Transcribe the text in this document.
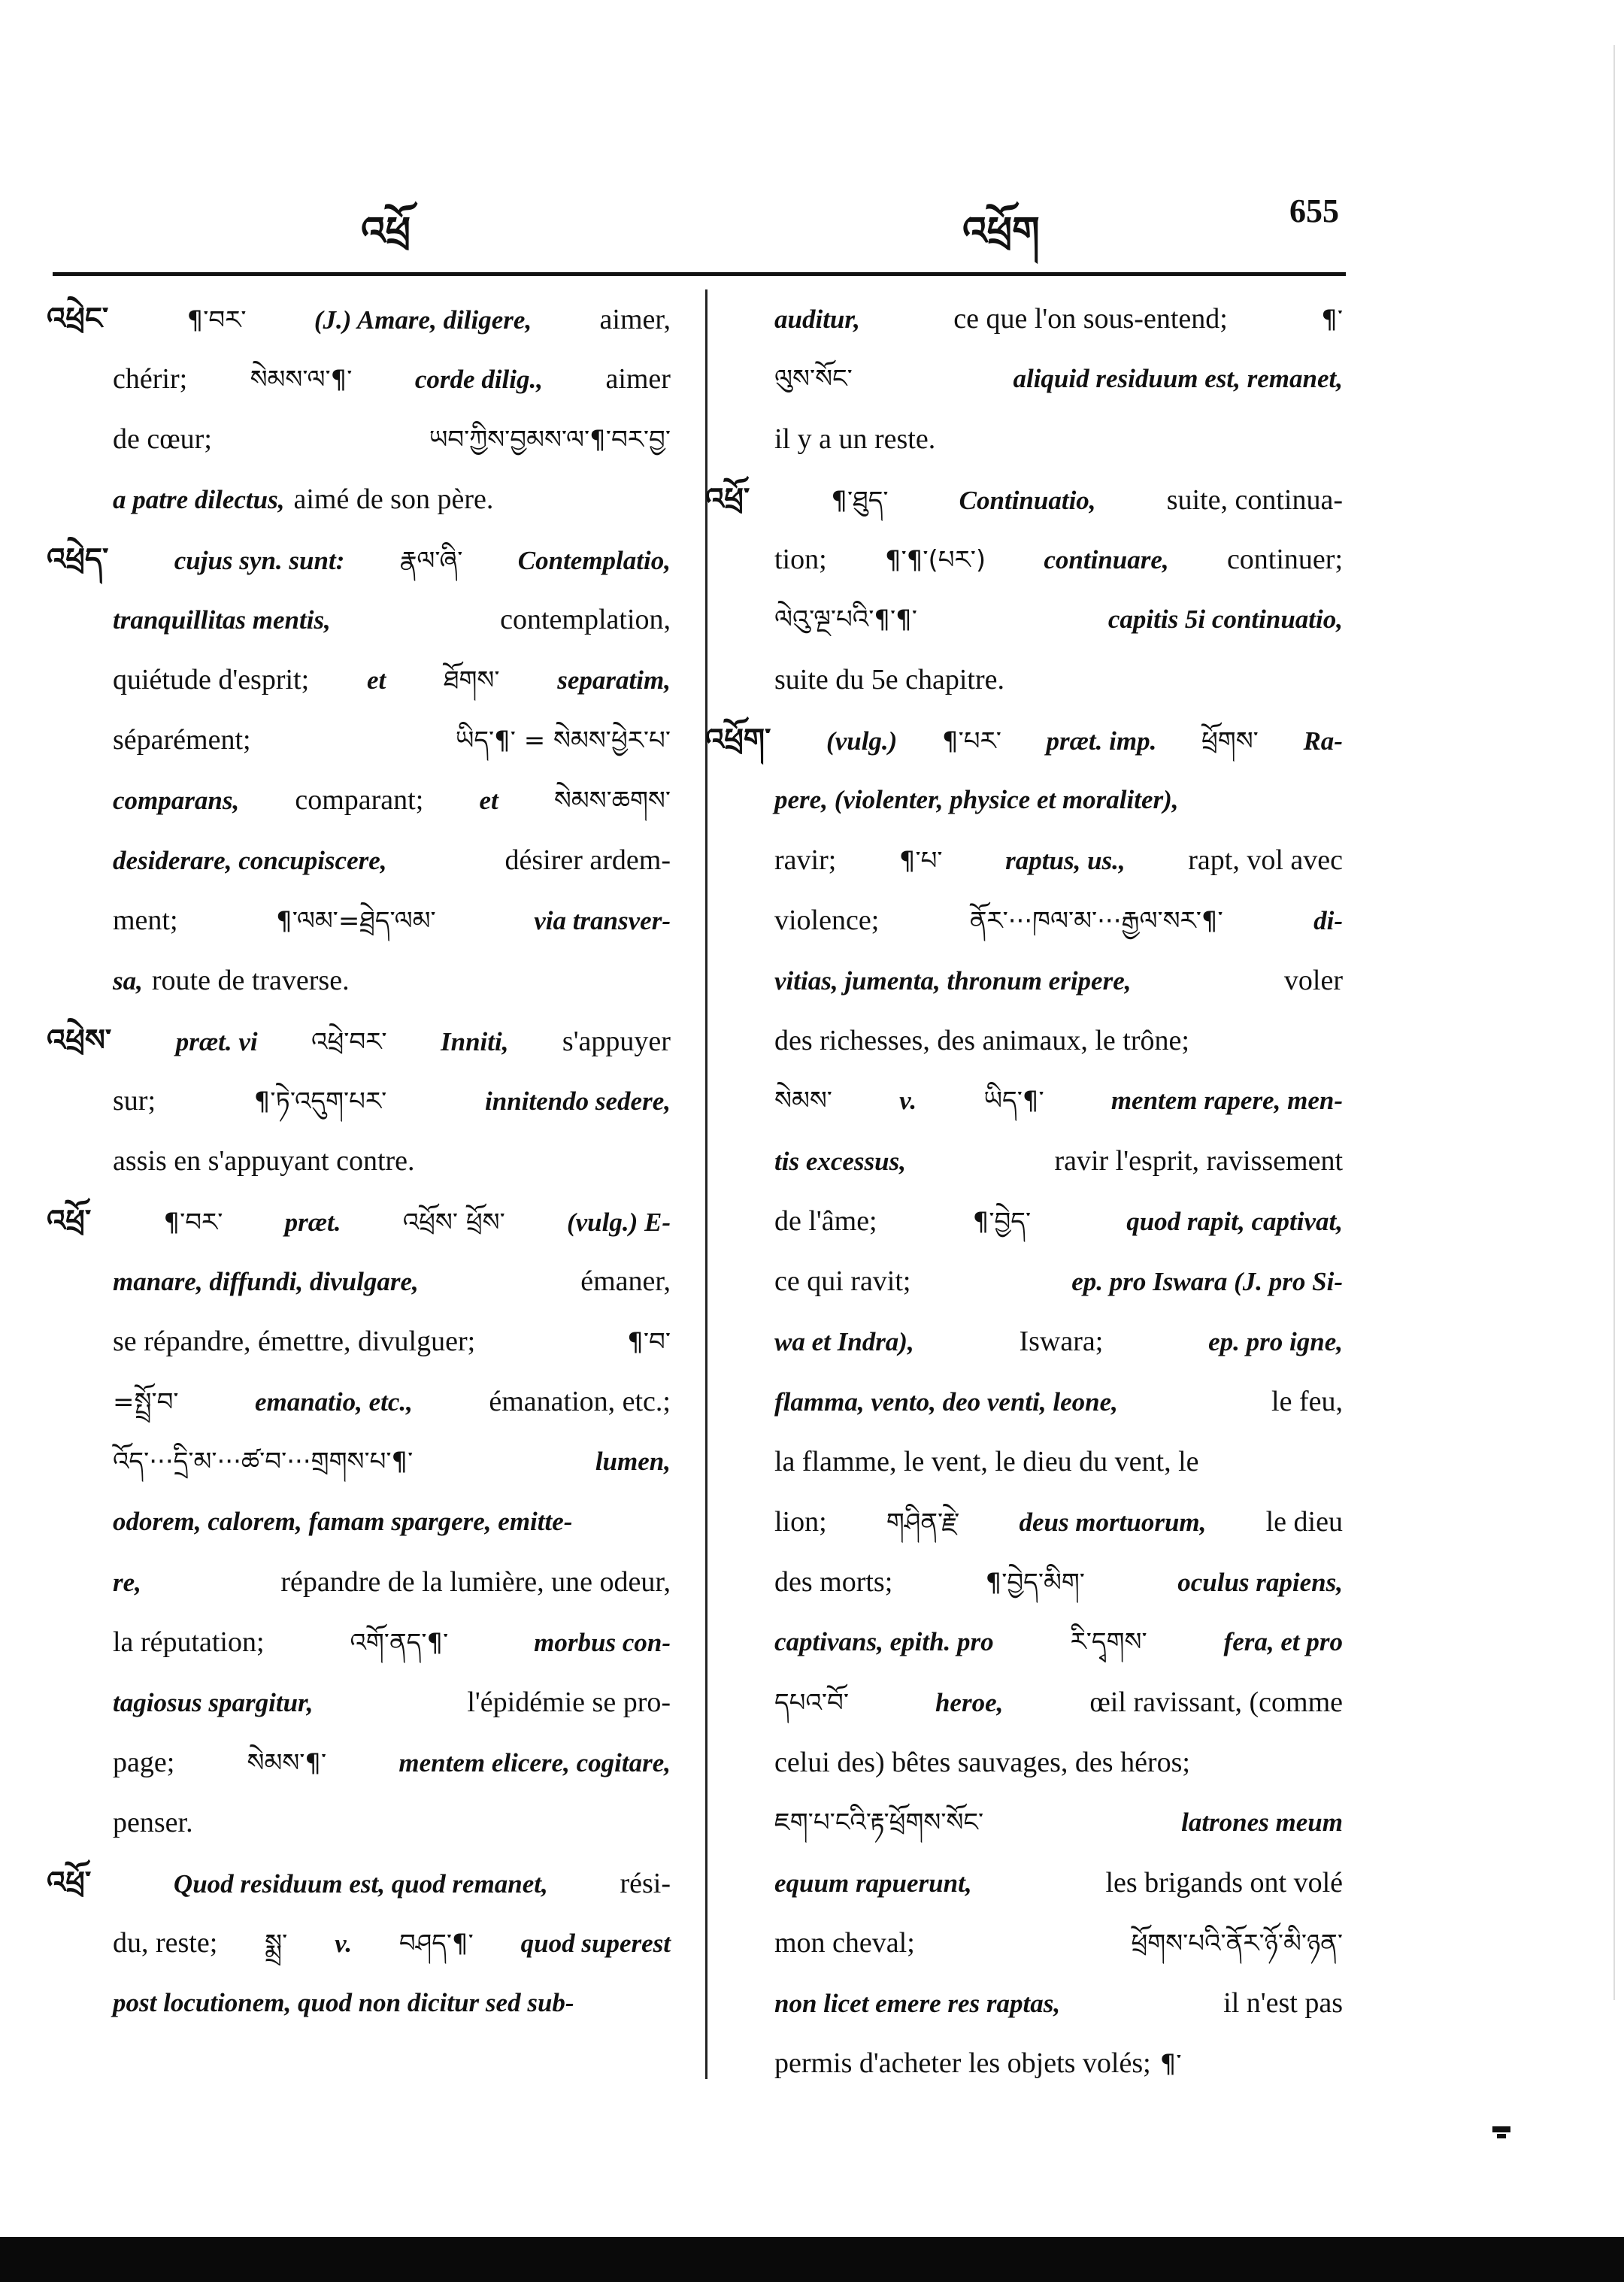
འཕྲོ	འཕྲོག	655
འཕྲེང་	¶་བར་	(J.) Amare, diligere, aimer,
chérir; སེམས་ལ་¶་ corde dilig., aimer
de cœur;	ཡབ་ཀྱིས་བྱམས་ལ་¶་བར་བྱ་
a patre dilectus, aimé de son père.
འཕྲེད་ cujus syn. sunt: རྣལ་ཞི་ Contemplatio,
tranquillitas mentis,	contemplation,
quiétude d'esprit; et ཐོགས་ separatim,
séparément;	ཡིད་¶་ = སེམས་ཕྱེར་པ་
comparans, comparant; et སེམས་ཆགས་
desiderare, concupiscere,	désirer ardem-
ment;	¶་ལམ་=ཐྲེད་ལམ་	via transver-
sa, route de traverse.
འཕྲེས་ præt. vi འཕྲེ་བར་ Inniti, s'appuyer
sur;	¶་ཏེ་འདུག་པར་	innitendo sedere,
assis en s'appuyant contre.
འཕྲོ་	¶་བར་ præt. འཕྲོས་ ཕྲོས་ (vulg.) E-
manare, diffundi, divulgare,	émaner,
se répandre, émettre, divulguer;	¶་བ་
=སྤྲོ་བ་	emanatio, etc.,	émanation, etc.;
འོད་···དྲི་མ་···ཚ་བ་···གྲགས་པ་¶་	lumen,
odorem, calorem, famam spargere, emitte-
re,	répandre de la lumière, une odeur,
la réputation;	འགོ་ནད་¶་	morbus con-
tagiosus spargitur,	l'épidémie se pro-
page;	སེམས་¶་	mentem elicere, cogitare,
penser.
འཕྲོ་	Quod residuum est, quod remanet,	rési-
du, reste; སྨྲ་ v. བཤད་¶་ quod superest
post locutionem, quod non dicitur sed sub-
auditur,	ce que l'on sous-entend;	¶་
ལུས་སོང་	aliquid residuum est, remanet,
il y a un reste.
འཕྲོ་	¶་ཐུད་	Continuatio, suite, continua-
tion; ¶་¶་(པར་) continuare, continuer;
ལེའུ་ལྔ་པའི་¶་¶་	capitis 5i continuatio,
suite du 5e chapitre.
འཕྲོག་ (vulg.) ¶་པར་ præt. imp. ཕྲོགས་ Ra-
pere, (violenter, physice et moraliter),
ravir; ¶་པ་ raptus, us., rapt, vol avec
violence;	ནོར་···ཁལ་མ་···རྒྱལ་སར་¶་	di-
vitias, jumenta, thronum eripere,	voler
des richesses, des animaux, le trône;
སེམས་	v.	ཡིད་¶་	mentem rapere, men-
tis excessus,	ravir l'esprit, ravissement
de l'âme;	¶་བྱེད་	quod rapit, captivat,
ce qui ravit;	ep. pro Iswara (J. pro Si-
wa et Indra),	Iswara;	ep. pro igne,
flamma, vento, deo venti, leone,	le feu,
la flamme, le vent, le dieu du vent, le
lion; གཤིན་རྗེ་ deus mortuorum, le dieu
des morts;	¶་བྱེད་མིག་	oculus rapiens,
captivans, epith. pro	རི་དྭགས་	fera, et pro
དཔའ་བོ་	heroe,	œil ravissant, (comme
celui des) bêtes sauvages, des héros;
ཇག་པ་ངའི་རྟ་ཕྲོགས་སོང་	latrones meum
equum rapuerunt,	les brigands ont volé
mon cheval;	ཕྲོགས་པའི་ནོར་ཉོ་མི་ཉན་
non licet emere res raptas,	il n'est pas
permis d'acheter les objets volés; ¶་
